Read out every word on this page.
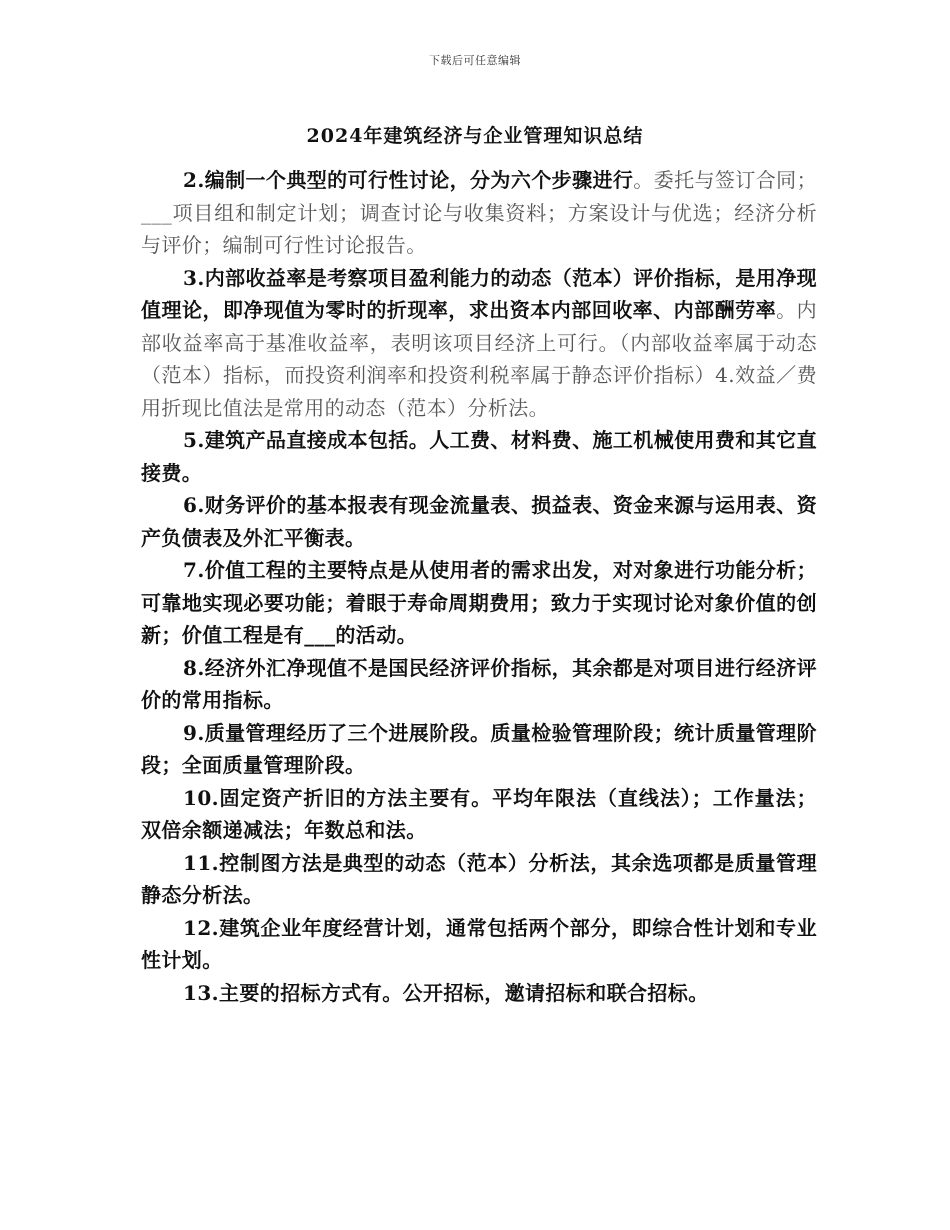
下载后可任意编辑
2024年建筑经济与企业管理知识总结

2.编制一个典型的可行性讨论，分为六个步骤进行。委托与签订合同；___项目组和制定计划；调查讨论与收集资料；方案设计与优选；经济分析与评价；编制可行性讨论报告。

3.内部收益率是考察项目盈利能力的动态（范本）评价指标，是用净现值理论，即净现值为零时的折现率，求出资本内部回收率、内部酬劳率。内部收益率高于基准收益率，表明该项目经济上可行。（内部收益率属于动态（范本）指标，而投资利润率和投资利税率属于静态评价指标）4.效益／费用折现比值法是常用的动态（范本）分析法。

5.建筑产品直接成本包括。人工费、材料费、施工机械使用费和其它直接费。

6.财务评价的基本报表有现金流量表、损益表、资金来源与运用表、资产负债表及外汇平衡表。

7.价值工程的主要特点是从使用者的需求出发，对对象进行功能分析；可靠地实现必要功能；着眼于寿命周期费用；致力于实现讨论对象价值的创新；价值工程是有___的活动。

8.经济外汇净现值不是国民经济评价指标，其余都是对项目进行经济评价的常用指标。

9.质量管理经历了三个进展阶段。质量检验管理阶段；统计质量管理阶段；全面质量管理阶段。

10.固定资产折旧的方法主要有。平均年限法（直线法）；工作量法；双倍余额递减法；年数总和法。

11.控制图方法是典型的动态（范本）分析法，其余选项都是质量管理静态分析法。

12.建筑企业年度经营计划，通常包括两个部分，即综合性计划和专业性计划。

13.主要的招标方式有。公开招标，邀请招标和联合招标。
